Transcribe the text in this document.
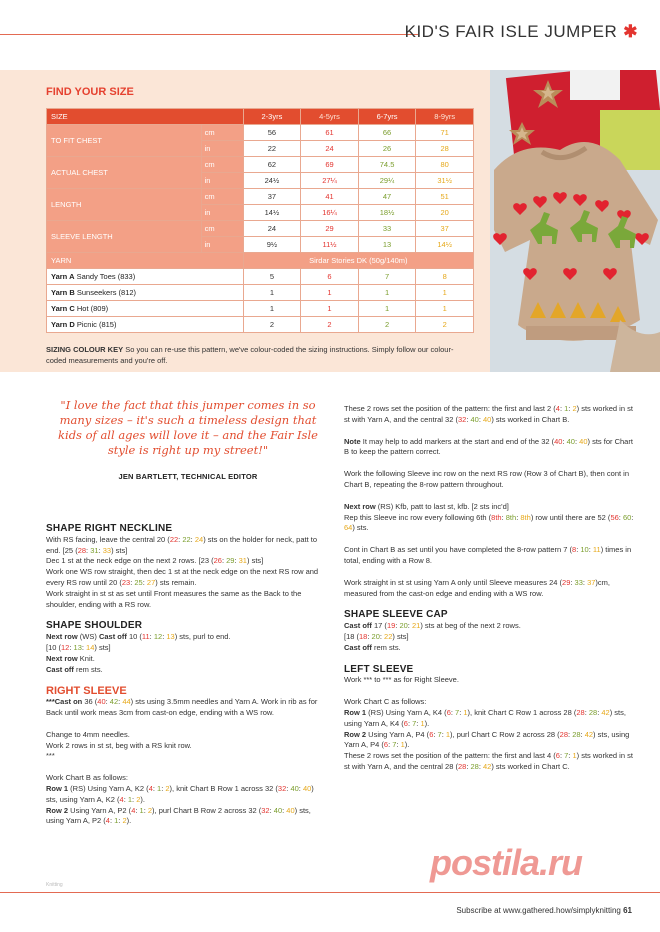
KID'S FAIR ISLE JUMPER ✱
FIND YOUR SIZE
SIZE		2-3yrs	4-5yrs	6-7yrs	8-9yrs
TO FIT CHEST	cm	56	61	66	71
	in	22	24	26	28
ACTUAL CHEST	cm	62	69	74.5	80
	in	24½	27¼	29¼	31½
LENGTH	cm	37	41	47	51
	in	14½	16¼	18½	20
SLEEVE LENGTH	cm	24	29	33	37
	in	9½	11½	13	14½
YARN		Sirdar Stories DK (50g/140m)			
Yarn A Sandy Toes (833)		5	6	7	8
Yarn B Sunseekers (812)		1	1	1	1
Yarn C Hot (809)		1	1	1	1
Yarn D Picnic (815)		2	2	2	2
SIZING COLOUR KEY So you can re-use this pattern, we've colour-coded the sizing instructions. Simply follow our colour-coded measurements and you're off.
"I love the fact that this jumper comes in so many sizes – it's such a timeless design that kids of all ages will love it – and the Fair Isle style is right up my street!"
JEN BARTLETT, TECHNICAL EDITOR
SHAPE RIGHT NECKLINE

With RS facing, leave the central 20 (22: 22: 24) sts on the holder for neck, patt to end. [25 (28: 31: 33) sts]

Dec 1 st at the neck edge on the next 2 rows. [23 (26: 29: 31) sts]

Work one WS row straight, then dec 1 st at the neck edge on the next RS row and every RS row until 20 (23: 25: 27) sts remain.

Work straight in st st as set until Front measures the same as the Back to the shoulder, ending with a RS row.

SHAPE SHOULDER

Next row (WS) Cast off 10 (11: 12: 13) sts, purl to end.

[10 (12: 13: 14) sts]

Next row Knit.

Cast off rem sts.

RIGHT SLEEVE

***Cast on 36 (40: 42: 44) sts using 3.5mm needles and Yarn A. Work in rib as for Back until work meas 3cm from cast-on edge, ending with a WS row.

Change to 4mm needles.

Work 2 rows in st st, beg with a RS knit row.

***

Work Chart B as follows:

Row 1 (RS) Using Yarn A, K2 (4: 1: 2), knit Chart B Row 1 across 32 (32: 40: 40) sts, using Yarn A, K2 (4: 1: 2).

Row 2 Using Yarn A, P2 (4: 1: 2), purl Chart B Row 2 across 32 (32: 40: 40) sts, using Yarn A, P2 (4: 1: 2).

These 2 rows set the position of the pattern: the first and last 2 (4: 1: 2) sts worked in st st with Yarn A, and the central 32 (32: 40: 40) sts worked in Chart B.

Note It may help to add markers at the start and end of the 32 (40: 40: 40) sts for Chart B to keep the pattern correct.

Work the following Sleeve inc row on the next RS row (Row 3 of Chart B), then cont in Chart B, repeating the 8-row pattern throughout.

Next row (RS) Kfb, patt to last st, kfb. [2 sts inc'd]

Rep this Sleeve inc row every following 6th (8th: 8th: 8th) row until there are 52 (56: 60: 64) sts.

Cont in Chart B as set until you have completed the 8-row pattern 7 (8: 10: 11) times in total, ending with a Row 8.

Work straight in st st using Yarn A only until Sleeve measures 24 (29: 33: 37)cm, measured from the cast-on edge and ending with a WS row.

SHAPE SLEEVE CAP

Cast off 17 (19: 20: 21) sts at beg of the next 2 rows.

[18 (18: 20: 22) sts]

Cast off rem sts.

LEFT SLEEVE

Work *** to *** as for Right Sleeve.

Work Chart C as follows:

Row 1 (RS) Using Yarn A, K4 (6: 7: 1), knit Chart C Row 1 across 28 (28: 28: 42) sts, using Yarn A, K4 (6: 7: 1).

Row 2 Using Yarn A, P4 (6: 7: 1), purl Chart C Row 2 across 28 (28: 28: 42) sts, using Yarn A, P4 (6: 7: 1).

These 2 rows set the position of the pattern: the first and last 4 (6: 7: 1) sts worked in st st with Yarn A, and the central 28 (28: 28: 42) sts worked in Chart C.

Knitting
postila.ru
Subscribe at www.gathered.how/simplyknitting 61
